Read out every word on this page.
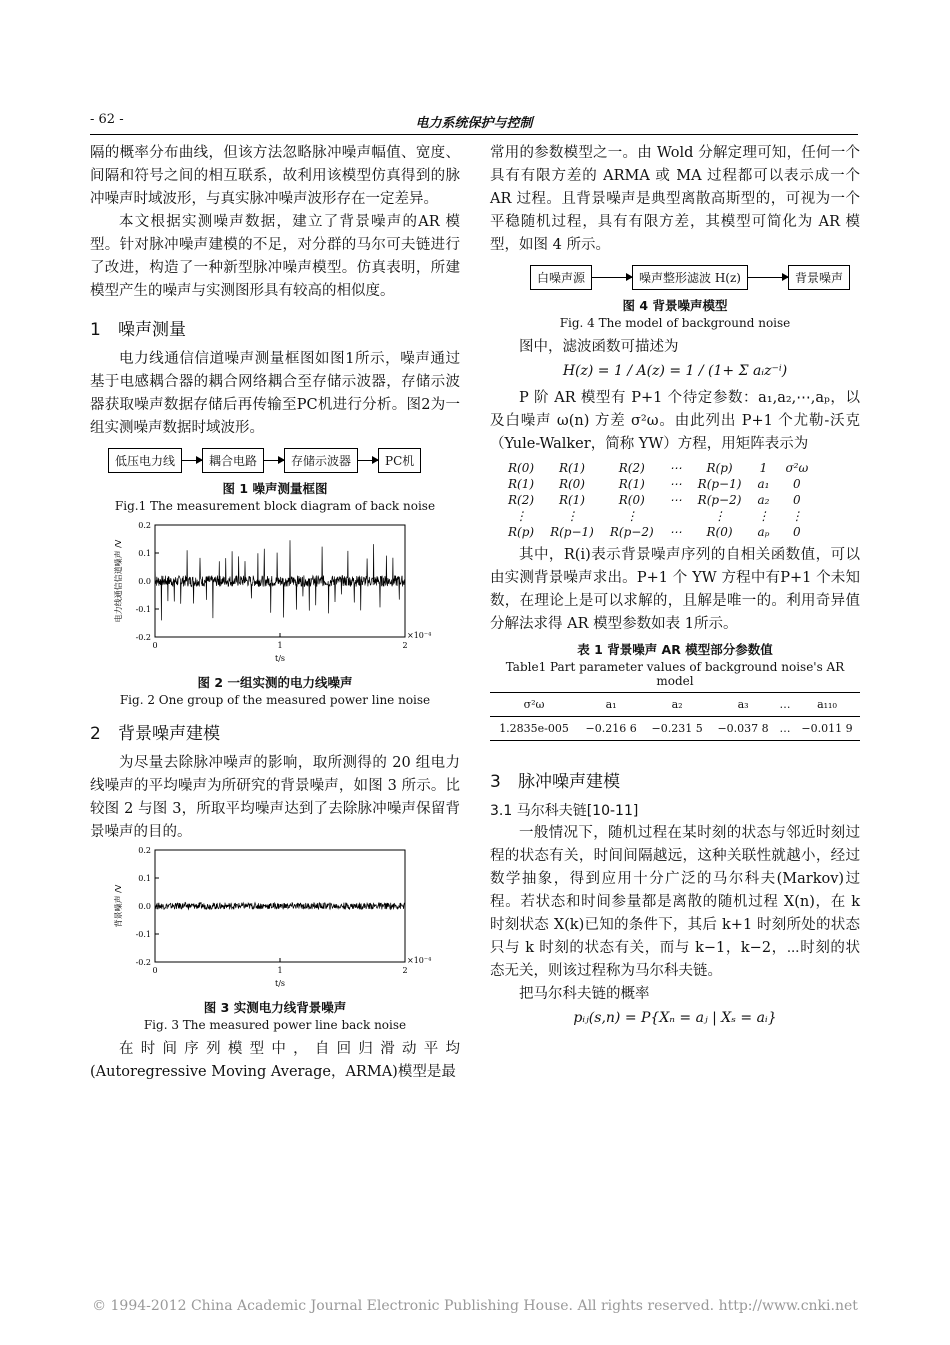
- 62 -	电力系统保护与控制

隔的概率分布曲线，但该方法忽略脉冲噪声幅值、宽度、间隔和符号之间的相互联系，故利用该模型仿真得到的脉冲噪声时域波形，与真实脉冲噪声波形存在一定差异。

本文根据实测噪声数据，建立了背景噪声的AR 模型。针对脉冲噪声建模的不足，对分群的马尔可夫链进行了改进，构造了一种新型脉冲噪声模型。仿真表明，所建模型产生的噪声与实测图形具有较高的相似度。

1 噪声测量

电力线通信信道噪声测量框图如图1所示，噪声通过基于电感耦合器的耦合网络耦合至存储示波器，存储示波器获取噪声数据存储后再传输至PC机进行分析。图2为一组实测噪声数据时域波形。

低压电力线	耦合电路	存储示波器	PC机
图 1 噪声测量框图
Fig.1 The measurement block diagram of back noise
0.2
0.1
0.0
-0.1
-0.2
0	1	2
×10⁻⁴
t/s
电力线通信信道噪声 /V
图 2 一组实测的电力线噪声
Fig. 2 One group of the measured power line noise
2 背景噪声建模

为尽量去除脉冲噪声的影响，取所测得的 20 组电力线噪声的平均噪声为所研究的背景噪声，如图 3 所示。比较图 2 与图 3，所取平均噪声达到了去除脉冲噪声保留背景噪声的目的。

0.2
0.1
0.0
-0.1
-0.2
0	1	2
×10⁻⁴
t/s
背景噪声 /V
图 3 实测电力线背景噪声
Fig. 3 The measured power line back noise

在时间序列模型中，自回归滑动平均(Autoregressive Moving Average，ARMA)模型是最

常用的参数模型之一。由 Wold 分解定理可知，任何一个具有有限方差的 ARMA 或 MA 过程都可以表示成一个 AR 过程。且背景噪声是典型离散高斯型的，可视为一个平稳随机过程，具有有限方差，其模型可简化为 AR 模型，如图 4 所示。

白噪声源	噪声整形滤波 H(z)	背景噪声
图 4 背景噪声模型
Fig. 4 The model of background noise

图中，滤波函数可描述为

H(z) = 1 / A(z) = 1 / (1+ Σ aᵢz⁻ⁱ)

P 阶 AR 模型有 P+1 个待定参数：a₁,a₂,⋯,aₚ，以及白噪声 ω(n) 方差 σ²ω。由此列出 P+1 个尤勒-沃克（Yule-Walker，简称 YW）方程，用矩阵表示为

R(0)	R(1)	R(2)	⋯	R(p)	1	σ²ω
R(1)	R(0)	R(1)	⋯	R(p−1)	a₁	0
R(2)	R(1)	R(0)	⋯	R(p−2)	a₂	0
⋮	⋮	⋮		⋮	⋮	⋮
R(p)	R(p−1)	R(p−2)	⋯	R(0)	aₚ	0

其中，R(i)表示背景噪声序列的自相关函数值，可以由实测背景噪声求出。P+1 个 YW 方程中有P+1 个未知数，在理论上是可以求解的，且解是唯一的。利用奇异值分解法求得 AR 模型参数如表 1所示。

表 1 背景噪声 AR 模型部分参数值
Table1 Part parameter values of background noise's AR model
σ²ω	a₁	a₂	a₃	…	a₁₁₀
1.2835e-005	−0.216 6	−0.231 5	−0.037 8	…	−0.011 9
3 脉冲噪声建模
3.1 马尔科夫链[10-11]

一般情况下，随机过程在某时刻的状态与邻近时刻过程的状态有关，时间间隔越远，这种关联性就越小，经过数学抽象，得到应用十分广泛的马尔科夫(Markov)过程。若状态和时间参量都是离散的随机过程 X(n)，在 k 时刻状态 X(k)已知的条件下，其后 k+1 时刻所处的状态只与 k 时刻的状态有关，而与 k−1，k−2，⋯时刻的状态无关，则该过程称为马尔科夫链。

把马尔科夫链的概率

pᵢⱼ(s,n) = P{Xₙ = aⱼ | Xₛ = aᵢ}
© 1994-2012 China Academic Journal Electronic Publishing House. All rights reserved. http://www.cnki.net
